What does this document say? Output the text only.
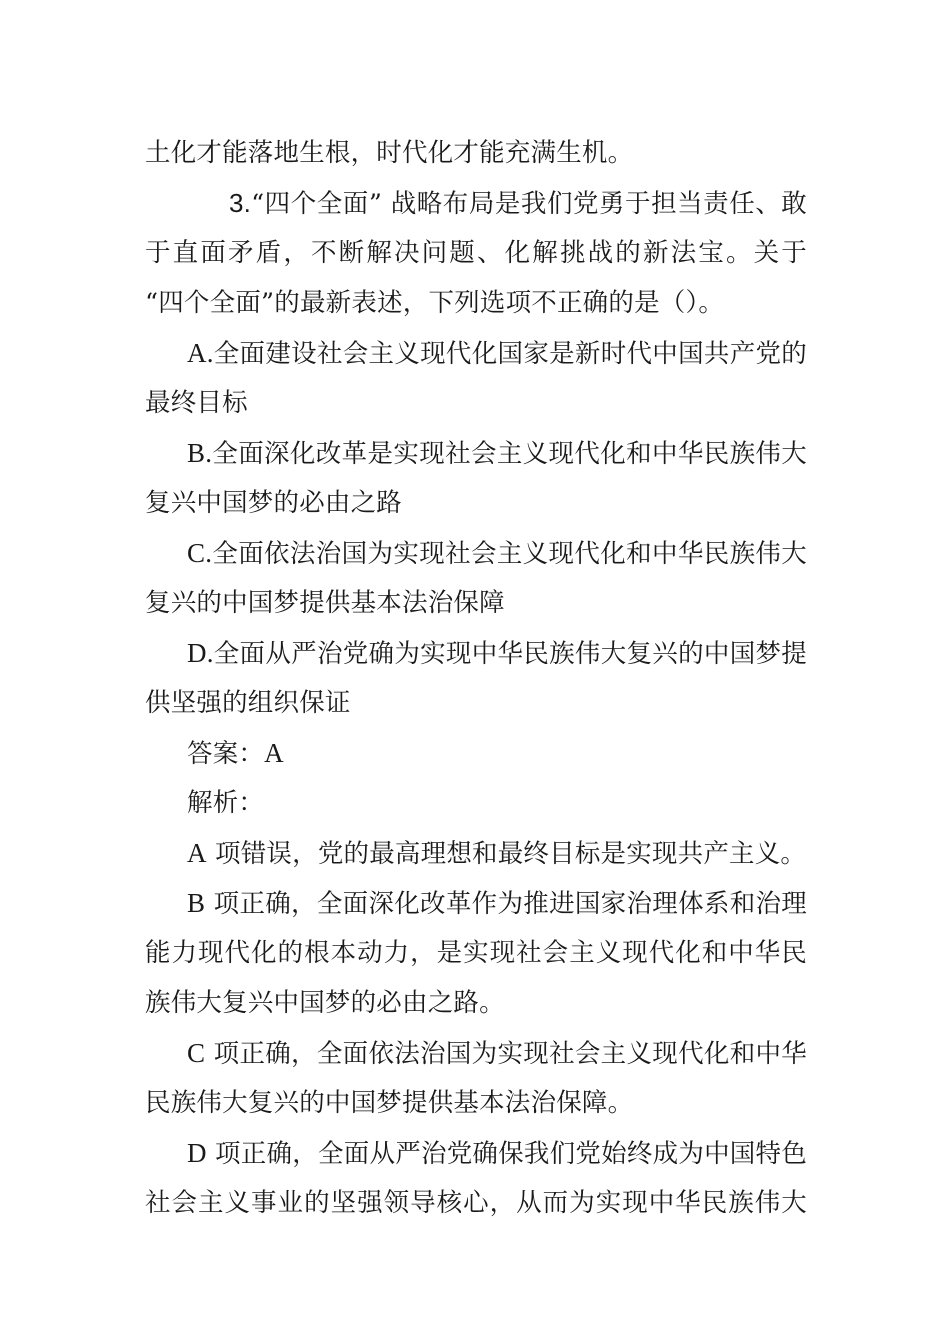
土化才能落地生根，时代化才能充满生机。
3.“四个全面” 战略布局是我们党勇于担当责任、敢
于直面矛盾，不断解决问题、化解挑战的新法宝。关于
“四个全面”的最新表述，下列选项不正确的是（）。
A.全面建设社会主义现代化国家是新时代中国共产党的
最终目标
B.全面深化改革是实现社会主义现代化和中华民族伟大
复兴中国梦的必由之路
C.全面依法治国为实现社会主义现代化和中华民族伟大
复兴的中国梦提供基本法治保障
D.全面从严治党确为实现中华民族伟大复兴的中国梦提
供坚强的组织保证
答案：A
解析：
A 项错误，党的最高理想和最终目标是实现共产主义。
B 项正确，全面深化改革作为推进国家治理体系和治理
能力现代化的根本动力，是实现社会主义现代化和中华民
族伟大复兴中国梦的必由之路。
C 项正确，全面依法治国为实现社会主义现代化和中华
民族伟大复兴的中国梦提供基本法治保障。
D 项正确，全面从严治党确保我们党始终成为中国特色
社会主义事业的坚强领导核心，从而为实现中华民族伟大
